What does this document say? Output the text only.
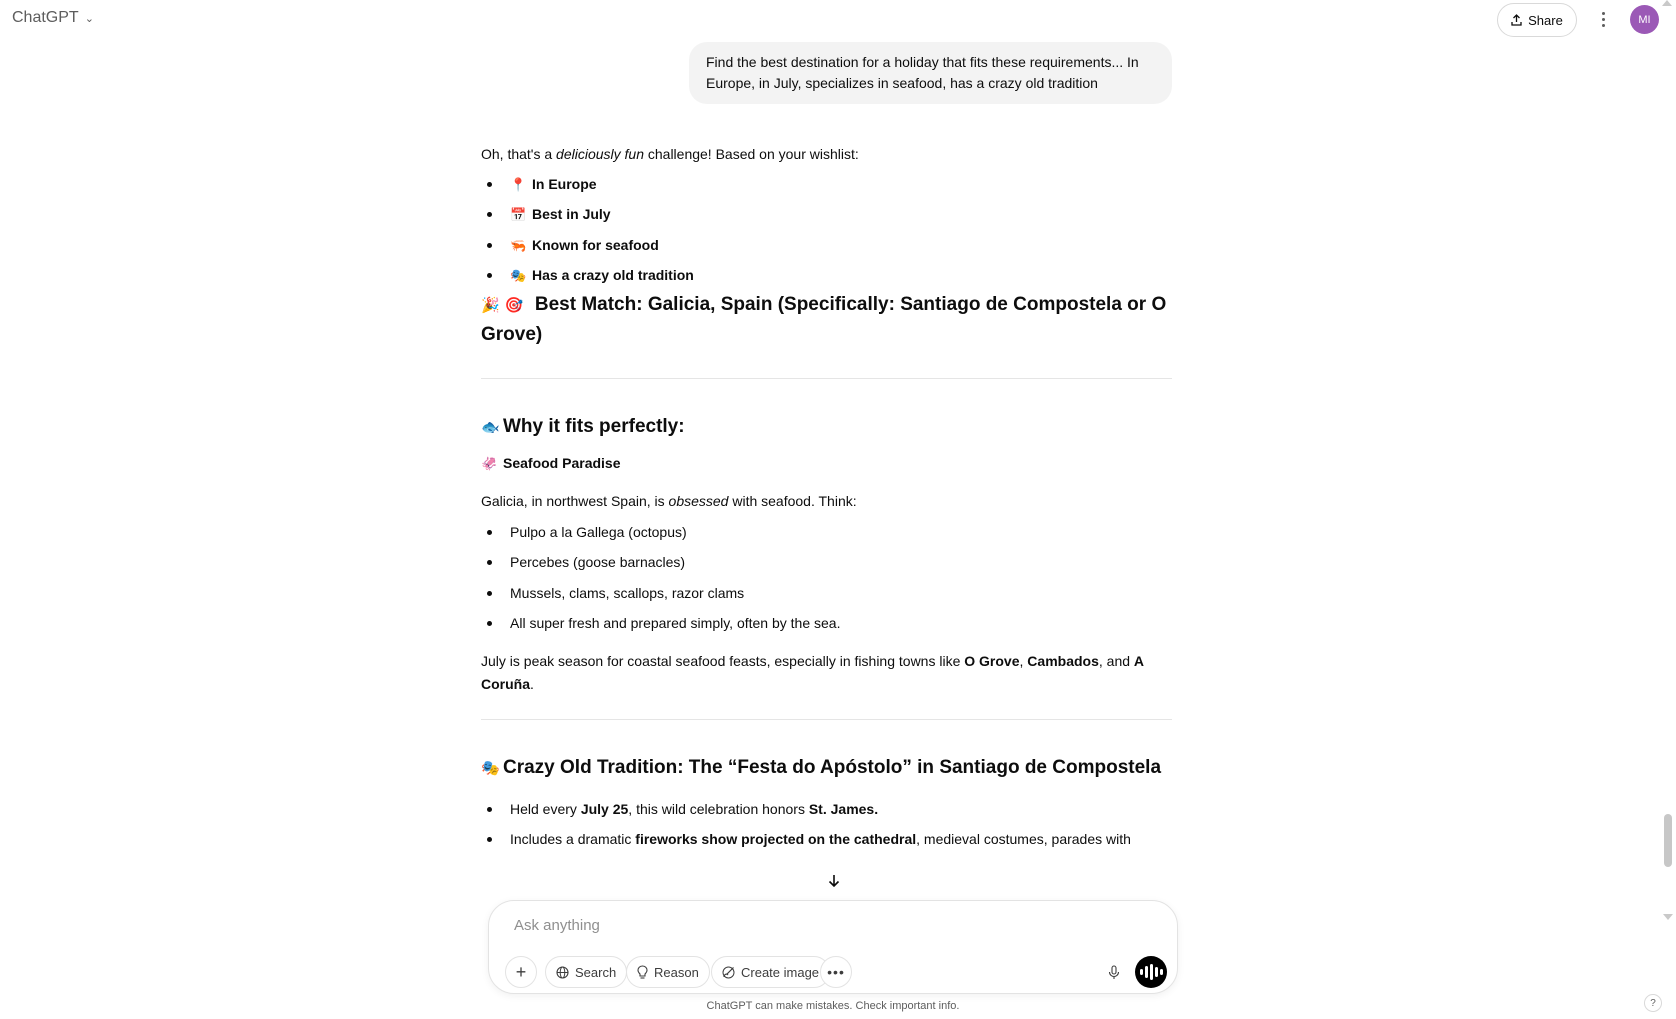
ChatGPT ⌄	Share	MI
Find the best destination for a holiday that fits these requirements... In Europe, in July, specializes in seafood, has a crazy old tradition
Oh, that's a deliciously fun challenge! Based on your wishlist:
📍 In Europe
📅 Best in July
🦐 Known for seafood
🎭 Has a crazy old tradition
🎉 🎯 Best Match: Galicia, Spain (Specifically: Santiago de Compostela or O Grove)
🐟 Why it fits perfectly:
🦑 Seafood Paradise
Galicia, in northwest Spain, is obsessed with seafood. Think:
Pulpo a la Gallega (octopus)
Percebes (goose barnacles)
Mussels, clams, scallops, razor clams
All super fresh and prepared simply, often by the sea.
July is peak season for coastal seafood feasts, especially in fishing towns like O Grove, Cambados, and A Coruña.
🎭 Crazy Old Tradition: The “Festa do Apóstolo” in Santiago de Compostela
Held every July 25, this wild celebration honors St. James.
Includes a dramatic fireworks show projected on the cathedral, medieval costumes, parades with
Ask anything
+	Search	Reason	Create image •••
ChatGPT can make mistakes. Check important info.	?
